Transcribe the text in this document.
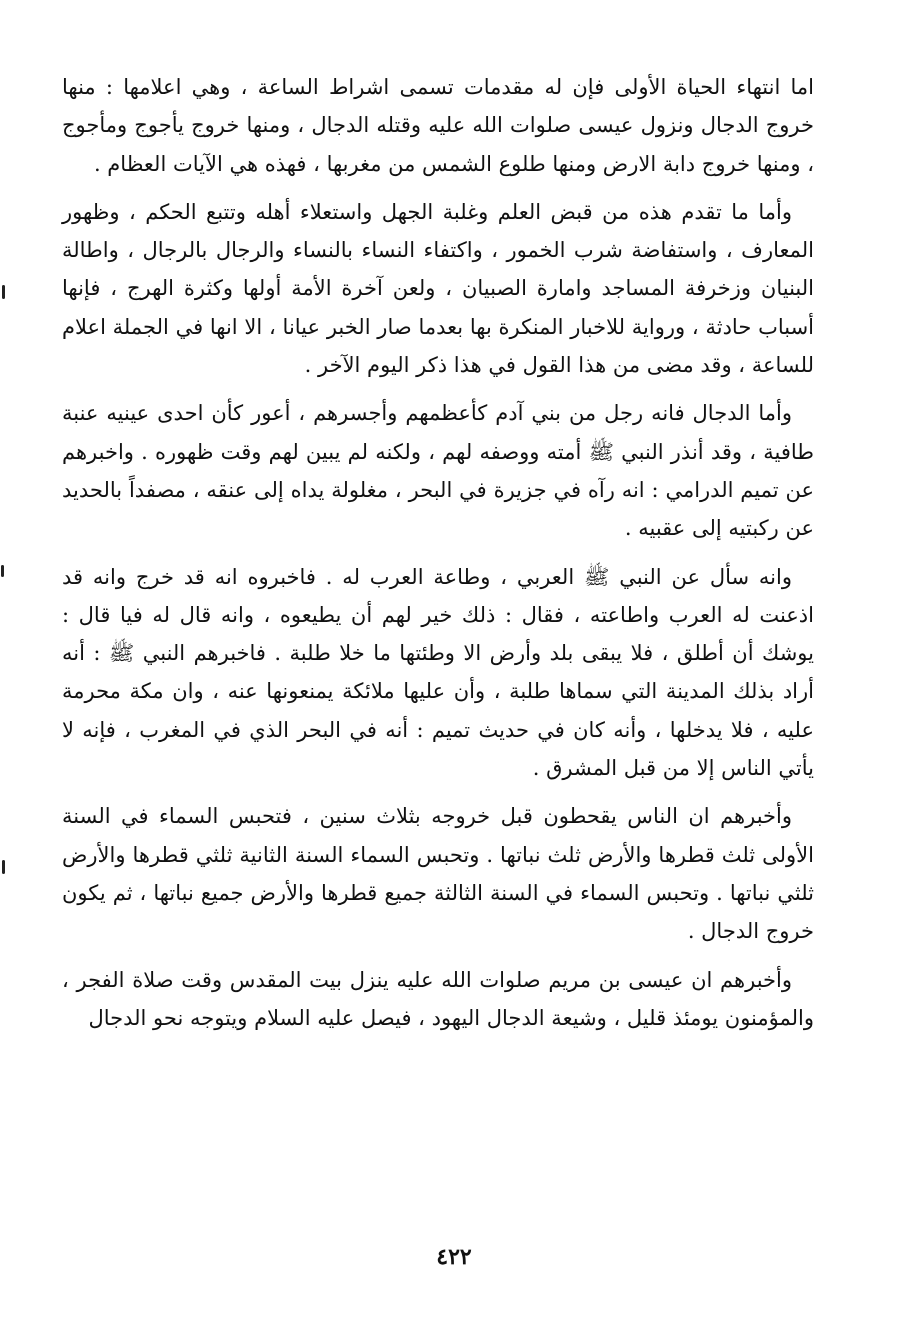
اما انتهاء الحياة الأولى فإن له مقدمات تسمى اشراط الساعة ، وهي اعلامها : منها خروج الدجال ونزول عيسى صلوات الله عليه وقتله الدجال ، ومنها خروج يأجوج ومأجوج ، ومنها خروج دابة الارض ومنها طلوع الشمس من مغربها ، فهذه هي الآيات العظام .

وأما ما تقدم هذه من قبض العلم وغلبة الجهل واستعلاء أهله وتتبع الحكم ، وظهور المعارف ، واستفاضة شرب الخمور ، واكتفاء النساء بالنساء والرجال بالرجال ، واطالة البنيان وزخرفة المساجد وامارة الصبيان ، ولعن آخرة الأمة أولها وكثرة الهرج ، فإنها أسباب حادثة ، ورواية للاخبار المنكرة بها بعدما صار الخبر عيانا ، الا انها في الجملة اعلام للساعة ، وقد مضى من هذا القول في هذا ذكر اليوم الآخر .

وأما الدجال فانه رجل من بني آدم كأعظمهم وأجسرهم ، أعور كأن احدى عينيه عنبة طافية ، وقد أنذر النبي ﷺ أمته ووصفه لهم ، ولكنه لم يبين لهم وقت ظهوره . واخبرهم عن تميم الدرامي : انه رآه في جزيرة في البحر ، مغلولة يداه إلى عنقه ، مصفداً بالحديد عن ركبتيه إلى عقبيه .

وانه سأل عن النبي ﷺ العربي ، وطاعة العرب له . فاخبروه انه قد خرج وانه قد اذعنت له العرب واطاعته ، فقال : ذلك خير لهم أن يطيعوه ، وانه قال له فيا قال : يوشك أن أطلق ، فلا يبقى بلد وأرض الا وطئتها ما خلا طلبة . فاخبرهم النبي ﷺ : أنه أراد بذلك المدينة التي سماها طلبة ، وأن عليها ملائكة يمنعونها عنه ، وان مكة محرمة عليه ، فلا يدخلها ، وأنه كان في حديث تميم : أنه في البحر الذي في المغرب ، فإنه لا يأتي الناس إلا من قبل المشرق .

وأخبرهم ان الناس يقحطون قبل خروجه بثلاث سنين ، فتحبس السماء في السنة الأولى ثلث قطرها والأرض ثلث نباتها . وتحبس السماء السنة الثانية ثلثي قطرها والأرض ثلثي نباتها . وتحبس السماء في السنة الثالثة جميع قطرها والأرض جميع نباتها ، ثم يكون خروج الدجال .

وأخبرهم ان عيسى بن مريم صلوات الله عليه ينزل بيت المقدس وقت صلاة الفجر ، والمؤمنون يومئذ قليل ، وشيعة الدجال اليهود ، فيصل عليه السلام ويتوجه نحو الدجال

٤٢٢
